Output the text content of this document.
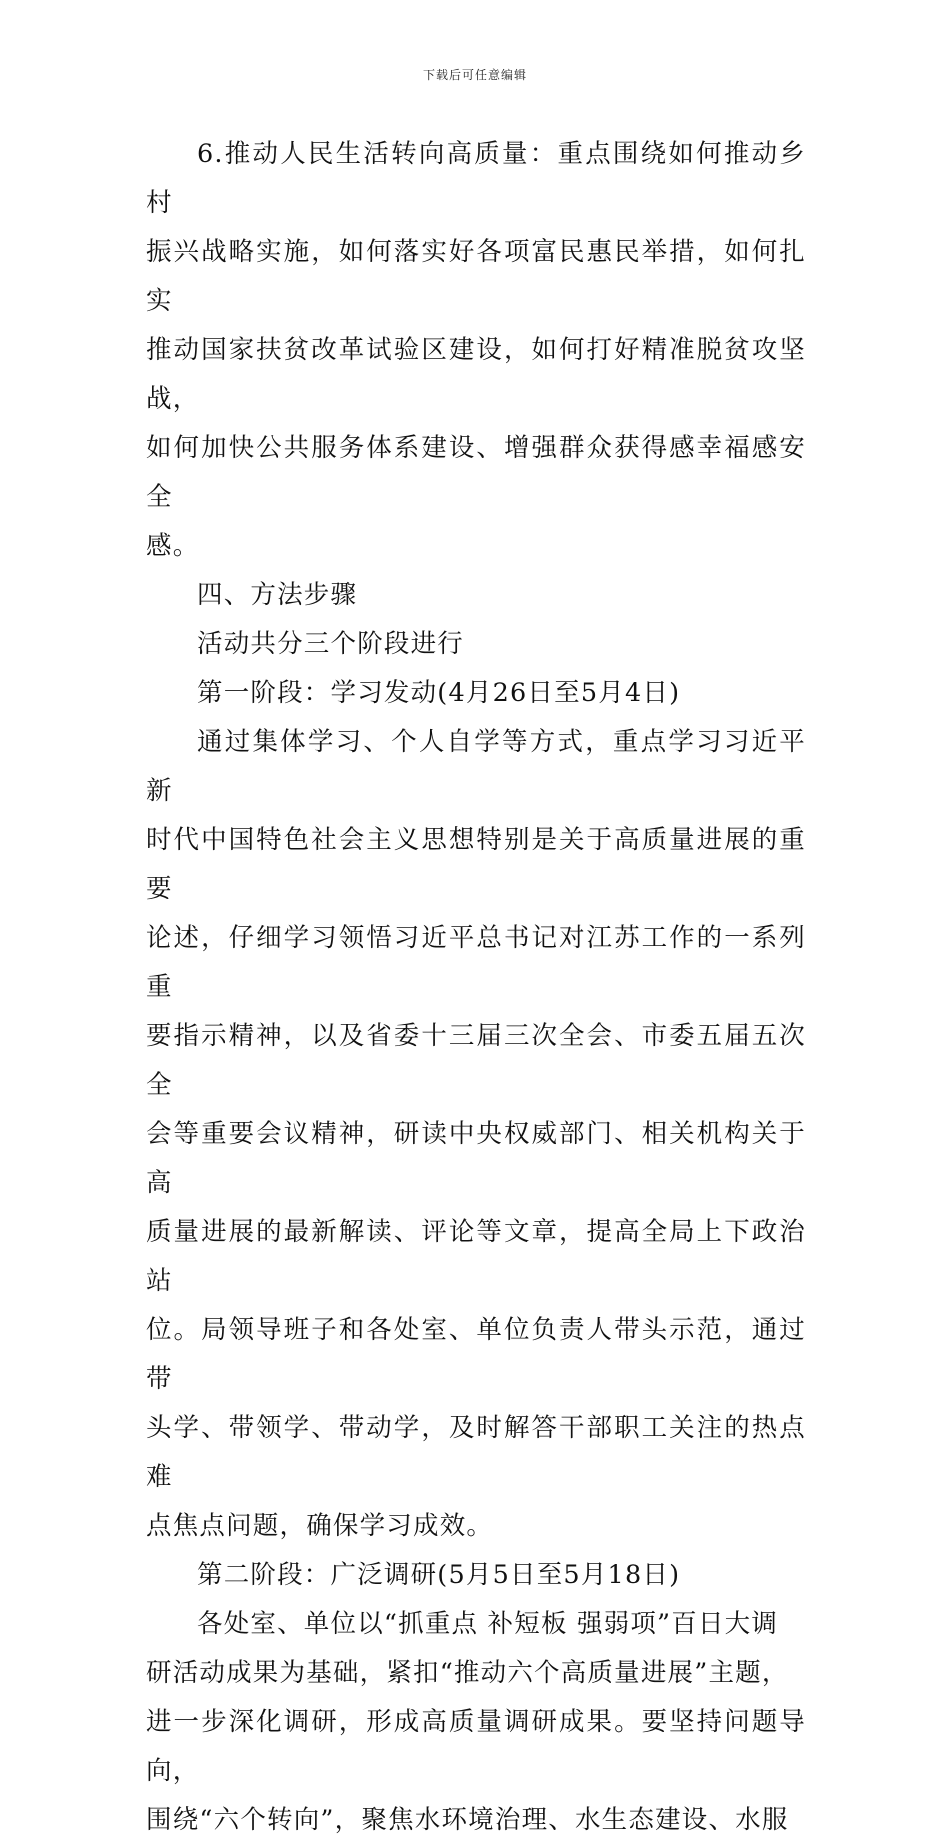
下载后可任意编辑
6.推动人民生活转向高质量：重点围绕如何推动乡村
振兴战略实施，如何落实好各项富民惠民举措，如何扎实
推动国家扶贫改革试验区建设，如何打好精准脱贫攻坚战，
如何加快公共服务体系建设、增强群众获得感幸福感安全
感。
四、方法步骤
活动共分三个阶段进行
第一阶段：学习发动(4月26日至5月4日)
通过集体学习、个人自学等方式，重点学习习近平新
时代中国特色社会主义思想特别是关于高质量进展的重要
论述，仔细学习领悟习近平总书记对江苏工作的一系列重
要指示精神，以及省委十三届三次全会、市委五届五次全
会等重要会议精神，研读中央权威部门、相关机构关于高
质量进展的最新解读、评论等文章，提高全局上下政治站
位。局领导班子和各处室、单位负责人带头示范，通过带
头学、带领学、带动学，及时解答干部职工关注的热点难
点焦点问题，确保学习成效。
第二阶段：广泛调研(5月5日至5月18日)
各处室、单位以“抓重点 补短板 强弱项”百日大调
研活动成果为基础，紧扣“推动六个高质量进展”主题，
进一步深化调研，形成高质量调研成果。要坚持问题导向，
围绕“六个转向”，聚焦水环境治理、水生态建设、水服
